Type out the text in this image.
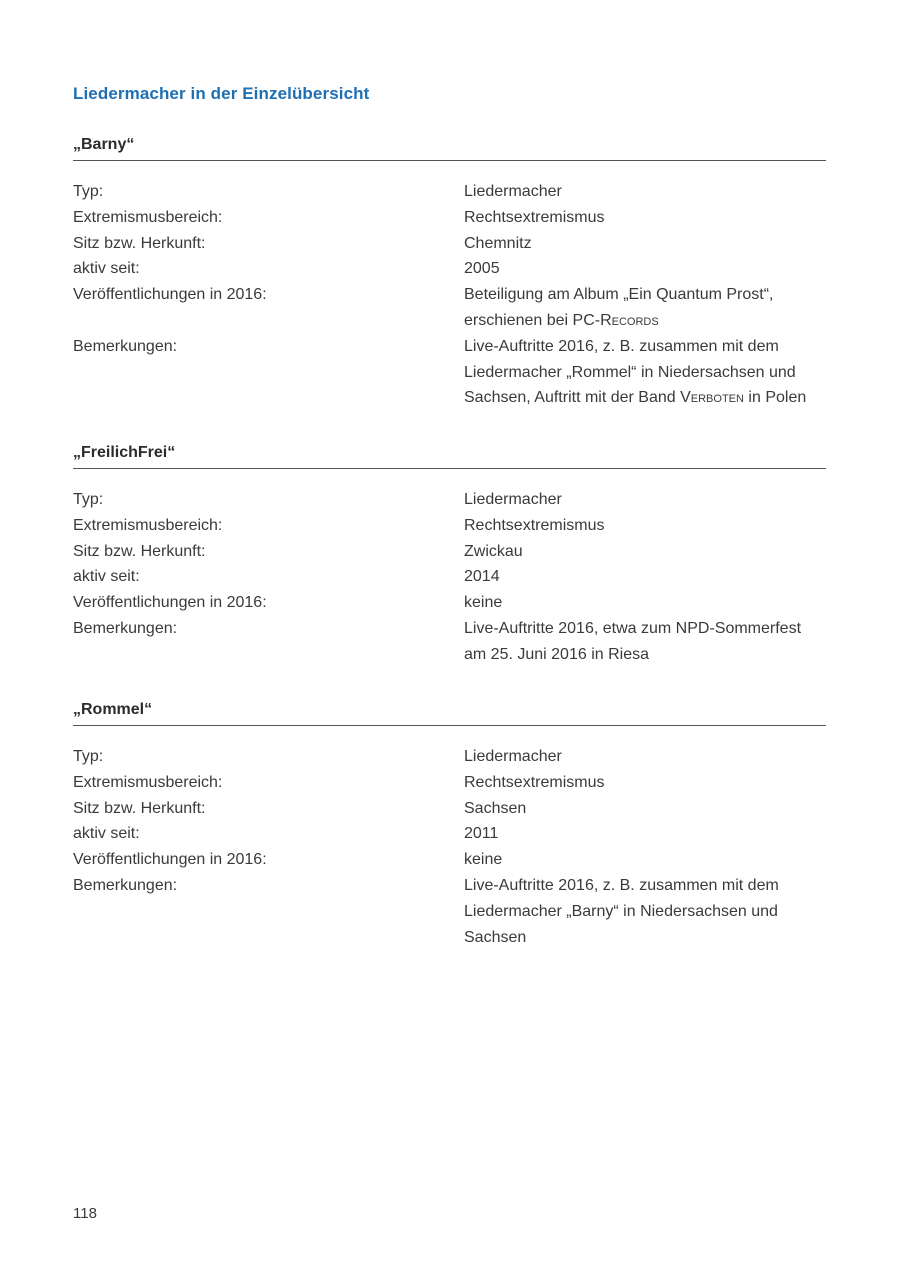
Liedermacher in der Einzelübersicht
„Barny“
Typ:	Liedermacher
Extremismusbereich:	Rechtsextremismus
Sitz bzw. Herkunft:	Chemnitz
aktiv seit:	2005
Veröffentlichungen in 2016:	Beteiligung am Album „Ein Quantum Prost“,
erschienen bei PC-Records
Bemerkungen:	Live-Auftritte 2016, z. B. zusammen mit dem
Liedermacher „Rommel“ in Niedersachsen und
Sachsen, Auftritt mit der Band Verboten in Polen
„FreilichFrei“
Typ:	Liedermacher
Extremismusbereich:	Rechtsextremismus
Sitz bzw. Herkunft:	Zwickau
aktiv seit:	2014
Veröffentlichungen in 2016:	keine
Bemerkungen:	Live-Auftritte 2016, etwa zum NPD-Sommerfest
am 25. Juni 2016 in Riesa
„Rommel“
Typ:	Liedermacher
Extremismusbereich:	Rechtsextremismus
Sitz bzw. Herkunft:	Sachsen
aktiv seit:	2011
Veröffentlichungen in 2016:	keine
Bemerkungen:	Live-Auftritte 2016, z. B. zusammen mit dem
Liedermacher „Barny“ in Niedersachsen und
Sachsen
118
